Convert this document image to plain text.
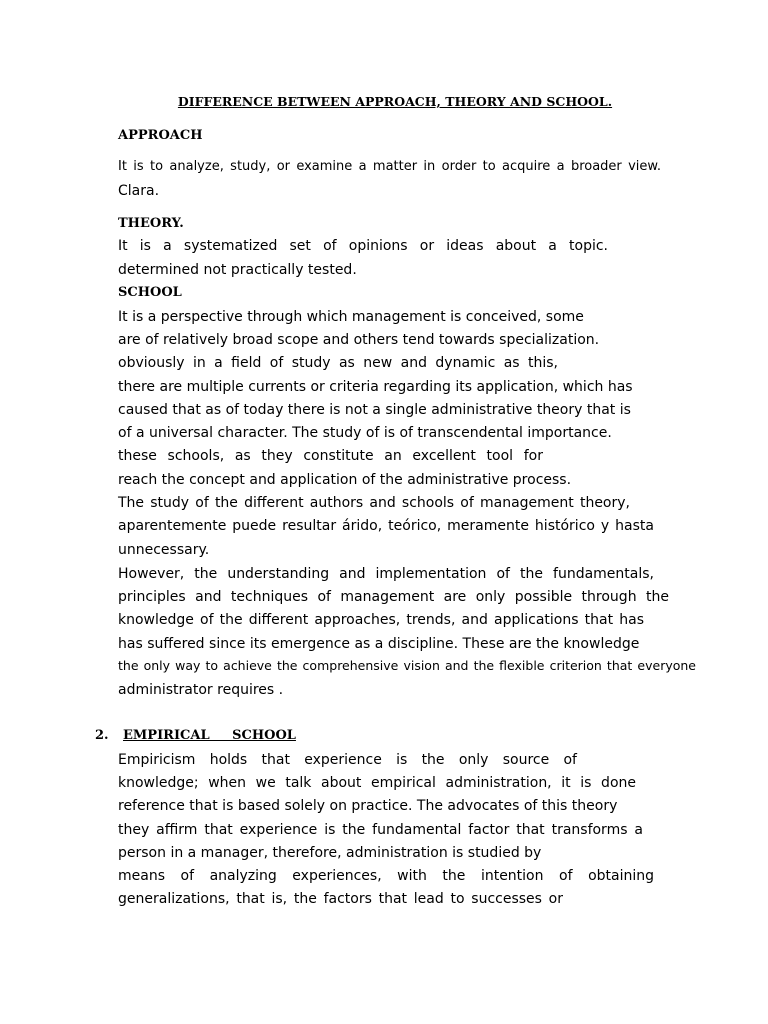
DIFFERENCE BETWEEN APPROACH, THEORY AND SCHOOL.
APPROACH
It is to analyze, study, or examine a matter in order to acquire a broader view.
Clara.
THEORY.
It is a systematized set of opinions or ideas about a topic.
determined not practically tested.
SCHOOL
It is a perspective through which management is conceived, some
are of relatively broad scope and others tend towards specialization.
obviously in a field of study as new and dynamic as this,
there are multiple currents or criteria regarding its application, which has
caused that as of today there is not a single administrative theory that is
of a universal character. The study of is of transcendental importance.
these schools, as they constitute an excellent tool for
reach the concept and application of the administrative process.
The study of the different authors and schools of management theory,
aparentemente puede resultar árido, teórico, meramente histórico y hasta
unnecessary.
However, the understanding and implementation of the fundamentals,
principles and techniques of management are only possible through the
knowledge of the different approaches, trends, and applications that has
has suffered since its emergence as a discipline. These are the knowledge
the only way to achieve the comprehensive vision and the flexible criterion that everyone
administrator requires .
2. EMPIRICAL SCHOOL
Empiricism holds that experience is the only source of
knowledge; when we talk about empirical administration, it is done
reference that is based solely on practice. The advocates of this theory
they affirm that experience is the fundamental factor that transforms a
person in a manager, therefore, administration is studied by
means of analyzing experiences, with the intention of obtaining
generalizations, that is, the factors that lead to successes or
